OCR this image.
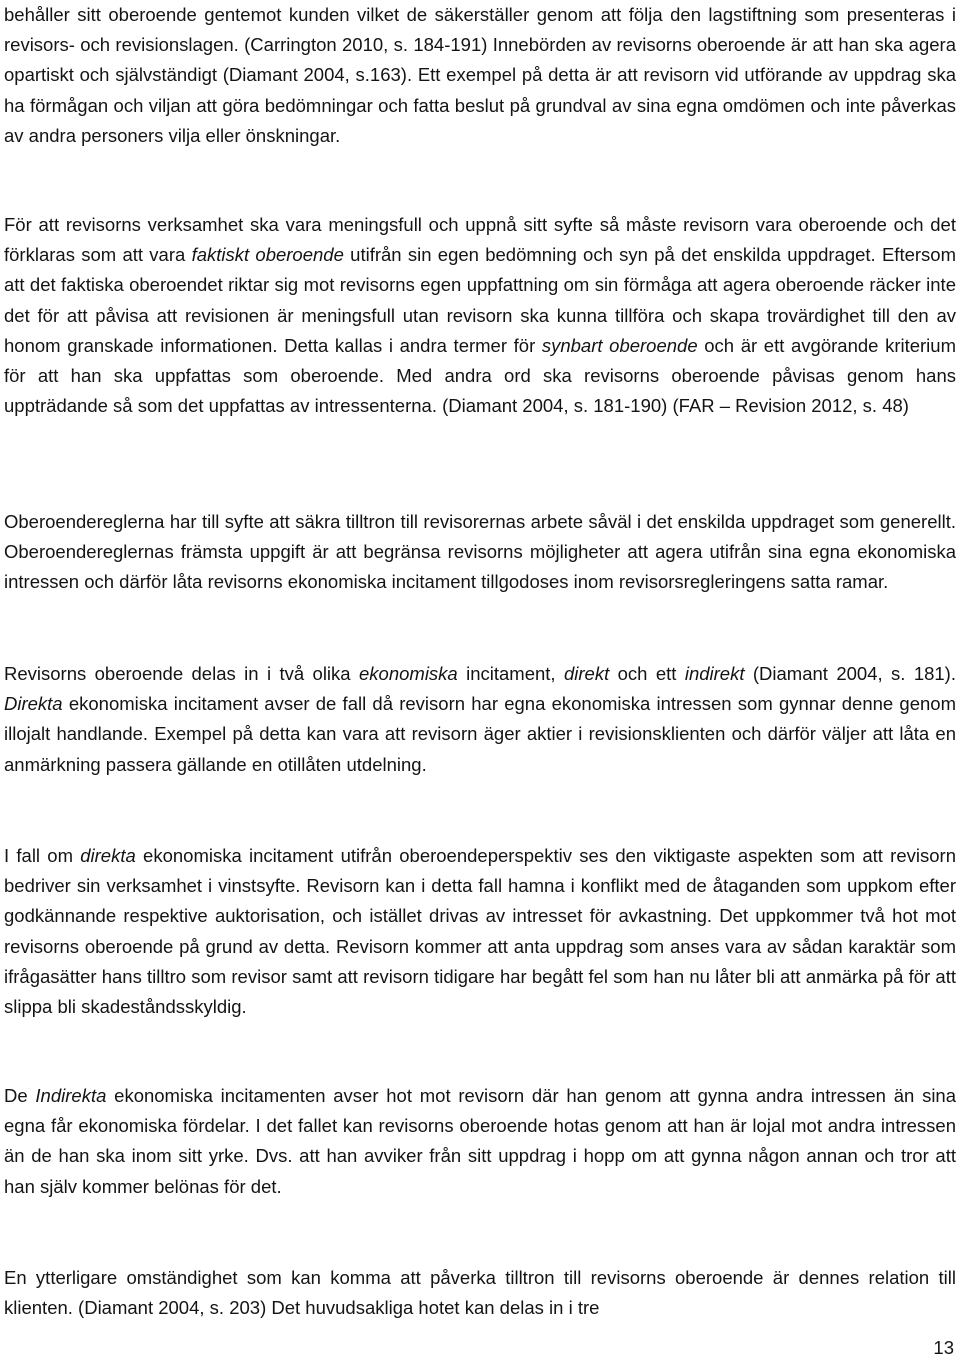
behåller sitt oberoende gentemot kunden vilket de säkerställer genom att följa den lagstiftning som presenteras i revisors- och revisionslagen. (Carrington 2010, s. 184-191) Innebörden av revisorns oberoende är att han ska agera opartiskt och självständigt (Diamant 2004, s.163). Ett exempel på detta är att revisorn vid utförande av uppdrag ska ha förmågan och viljan att göra bedömningar och fatta beslut på grundval av sina egna omdömen och inte påverkas av andra personers vilja eller önskningar.

För att revisorns verksamhet ska vara meningsfull och uppnå sitt syfte så måste revisorn vara oberoende och det förklaras som att vara faktiskt oberoende utifrån sin egen bedömning och syn på det enskilda uppdraget. Eftersom att det faktiska oberoendet riktar sig mot revisorns egen uppfattning om sin förmåga att agera oberoende räcker inte det för att påvisa att revisionen är meningsfull utan revisorn ska kunna tillföra och skapa trovärdighet till den av honom granskade informationen. Detta kallas i andra termer för synbart oberoende och är ett avgörande kriterium för att han ska uppfattas som oberoende. Med andra ord ska revisorns oberoende påvisas genom hans uppträdande så som det uppfattas av intressenterna. (Diamant 2004, s. 181-190) (FAR – Revision 2012, s. 48)

Oberoendereglerna har till syfte att säkra tilltron till revisorernas arbete såväl i det enskilda uppdraget som generellt. Oberoendereglernas främsta uppgift är att begränsa revisorns möjligheter att agera utifrån sina egna ekonomiska intressen och därför låta revisorns ekonomiska incitament tillgodoses inom revisorsregleringens satta ramar.

Revisorns oberoende delas in i två olika ekonomiska incitament, direkt och ett indirekt (Diamant 2004, s. 181). Direkta ekonomiska incitament avser de fall då revisorn har egna ekonomiska intressen som gynnar denne genom illojalt handlande. Exempel på detta kan vara att revisorn äger aktier i revisionsklienten och därför väljer att låta en anmärkning passera gällande en otillåten utdelning.

I fall om direkta ekonomiska incitament utifrån oberoendeperspektiv ses den viktigaste aspekten som att revisorn bedriver sin verksamhet i vinstsyfte. Revisorn kan i detta fall hamna i konflikt med de åtaganden som uppkom efter godkännande respektive auktorisation, och istället drivas av intresset för avkastning. Det uppkommer två hot mot revisorns oberoende på grund av detta. Revisorn kommer att anta uppdrag som anses vara av sådan karaktär som ifrågasätter hans tilltro som revisor samt att revisorn tidigare har begått fel som han nu låter bli att anmärka på för att slippa bli skadeståndsskyldig.

De Indirekta ekonomiska incitamenten avser hot mot revisorn där han genom att gynna andra intressen än sina egna får ekonomiska fördelar. I det fallet kan revisorns oberoende hotas genom att han är lojal mot andra intressen än de han ska inom sitt yrke. Dvs. att han avviker från sitt uppdrag i hopp om att gynna någon annan och tror att han själv kommer belönas för det.

En ytterligare omständighet som kan komma att påverka tilltron till revisorns oberoende är dennes relation till klienten. (Diamant 2004, s. 203) Det huvudsakliga hotet kan delas in i tre

13
